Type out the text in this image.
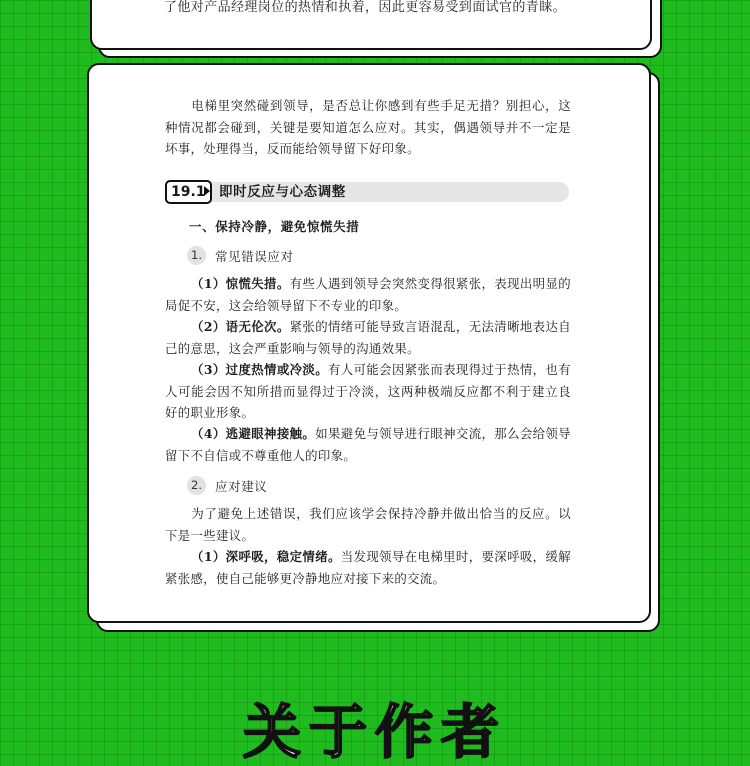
了他对产品经理岗位的热情和执着，因此更容易受到面试官的青睐。

电梯里突然碰到领导，是否总让你感到有些手足无措？别担心，这种情况都会碰到，关键是要知道怎么应对。其实，偶遇领导并不一定是坏事，处理得当，反而能给领导留下好印象。

19.1 即时反应与心态调整
一、保持冷静，避免惊慌失措
1.	常见错误应对

（1）惊慌失措。有些人遇到领导会突然变得很紧张，表现出明显的局促不安，这会给领导留下不专业的印象。

（2）语无伦次。紧张的情绪可能导致言语混乱，无法清晰地表达自己的意思，这会严重影响与领导的沟通效果。

（3）过度热情或冷淡。有人可能会因紧张而表现得过于热情，也有人可能会因不知所措而显得过于冷淡，这两种极端反应都不利于建立良好的职业形象。

（4）逃避眼神接触。如果避免与领导进行眼神交流，那么会给领导留下不自信或不尊重他人的印象。

2.	应对建议

为了避免上述错误，我们应该学会保持冷静并做出恰当的反应。以下是一些建议。

（1）深呼吸，稳定情绪。当发现领导在电梯里时，要深呼吸，缓解紧张感，使自己能够更冷静地应对接下来的交流。

关于作者
